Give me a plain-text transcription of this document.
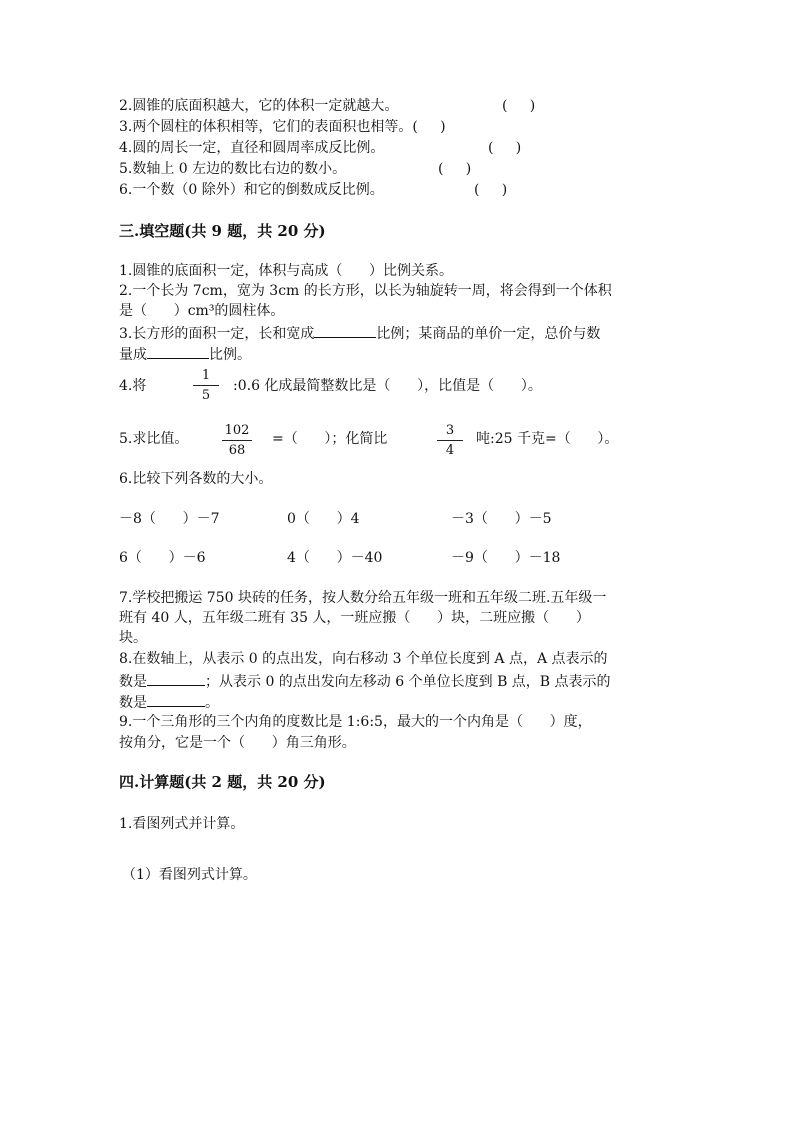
2.圆锥的底面积越大，它的体积一定就越大。	(     )
3.两个圆柱的体积相等，它们的表面积也相等。(     )
4.圆的周长一定，直径和圆周率成反比例。	(     )
5.数轴上 0 左边的数比右边的数小。	(     )
6.一个数（0 除外）和它的倒数成反比例。	(     )
三.填空题(共 9 题，共 20 分)
1.圆锥的底面积一定，体积与高成（      ）比例关系。
2.一个长为 7cm，宽为 3cm 的长方形，以长为轴旋转一周，将会得到一个体积
是（      ）cm³的圆柱体。
3.长方形的面积一定，长和宽成	比例；某商品的单价一定，总价与数
量成	比例。
4.将
1
5
:0.6 化成最简整数比是（      ），比值是（      ）。
5.求比值。
102
68
=（      ）；化简比
3
4
吨:25 千克=（      ）。
6.比较下列各数的大小。
－8（      ）－7	0（      ）4	－3（      ）－5
6（      ）－6	4（      ）－40	－9（      ）－18
7.学校把搬运 750 块砖的任务，按人数分给五年级一班和五年级二班.五年级一
班有 40 人，五年级二班有 35 人，一班应搬（      ）块，二班应搬（      ）
块。
8.在数轴上，从表示 0 的点出发，向右移动 3 个单位长度到 A 点，A 点表示的
数是	；从表示 0 的点出发向左移动 6 个单位长度到 B 点，B 点表示的
数是	。
9.一个三角形的三个内角的度数比是 1:6:5，最大的一个内角是（      ）度，
按角分，它是一个（      ）角三角形。
四.计算题(共 2 题，共 20 分)
1.看图列式并计算。
（1）看图列式计算。
